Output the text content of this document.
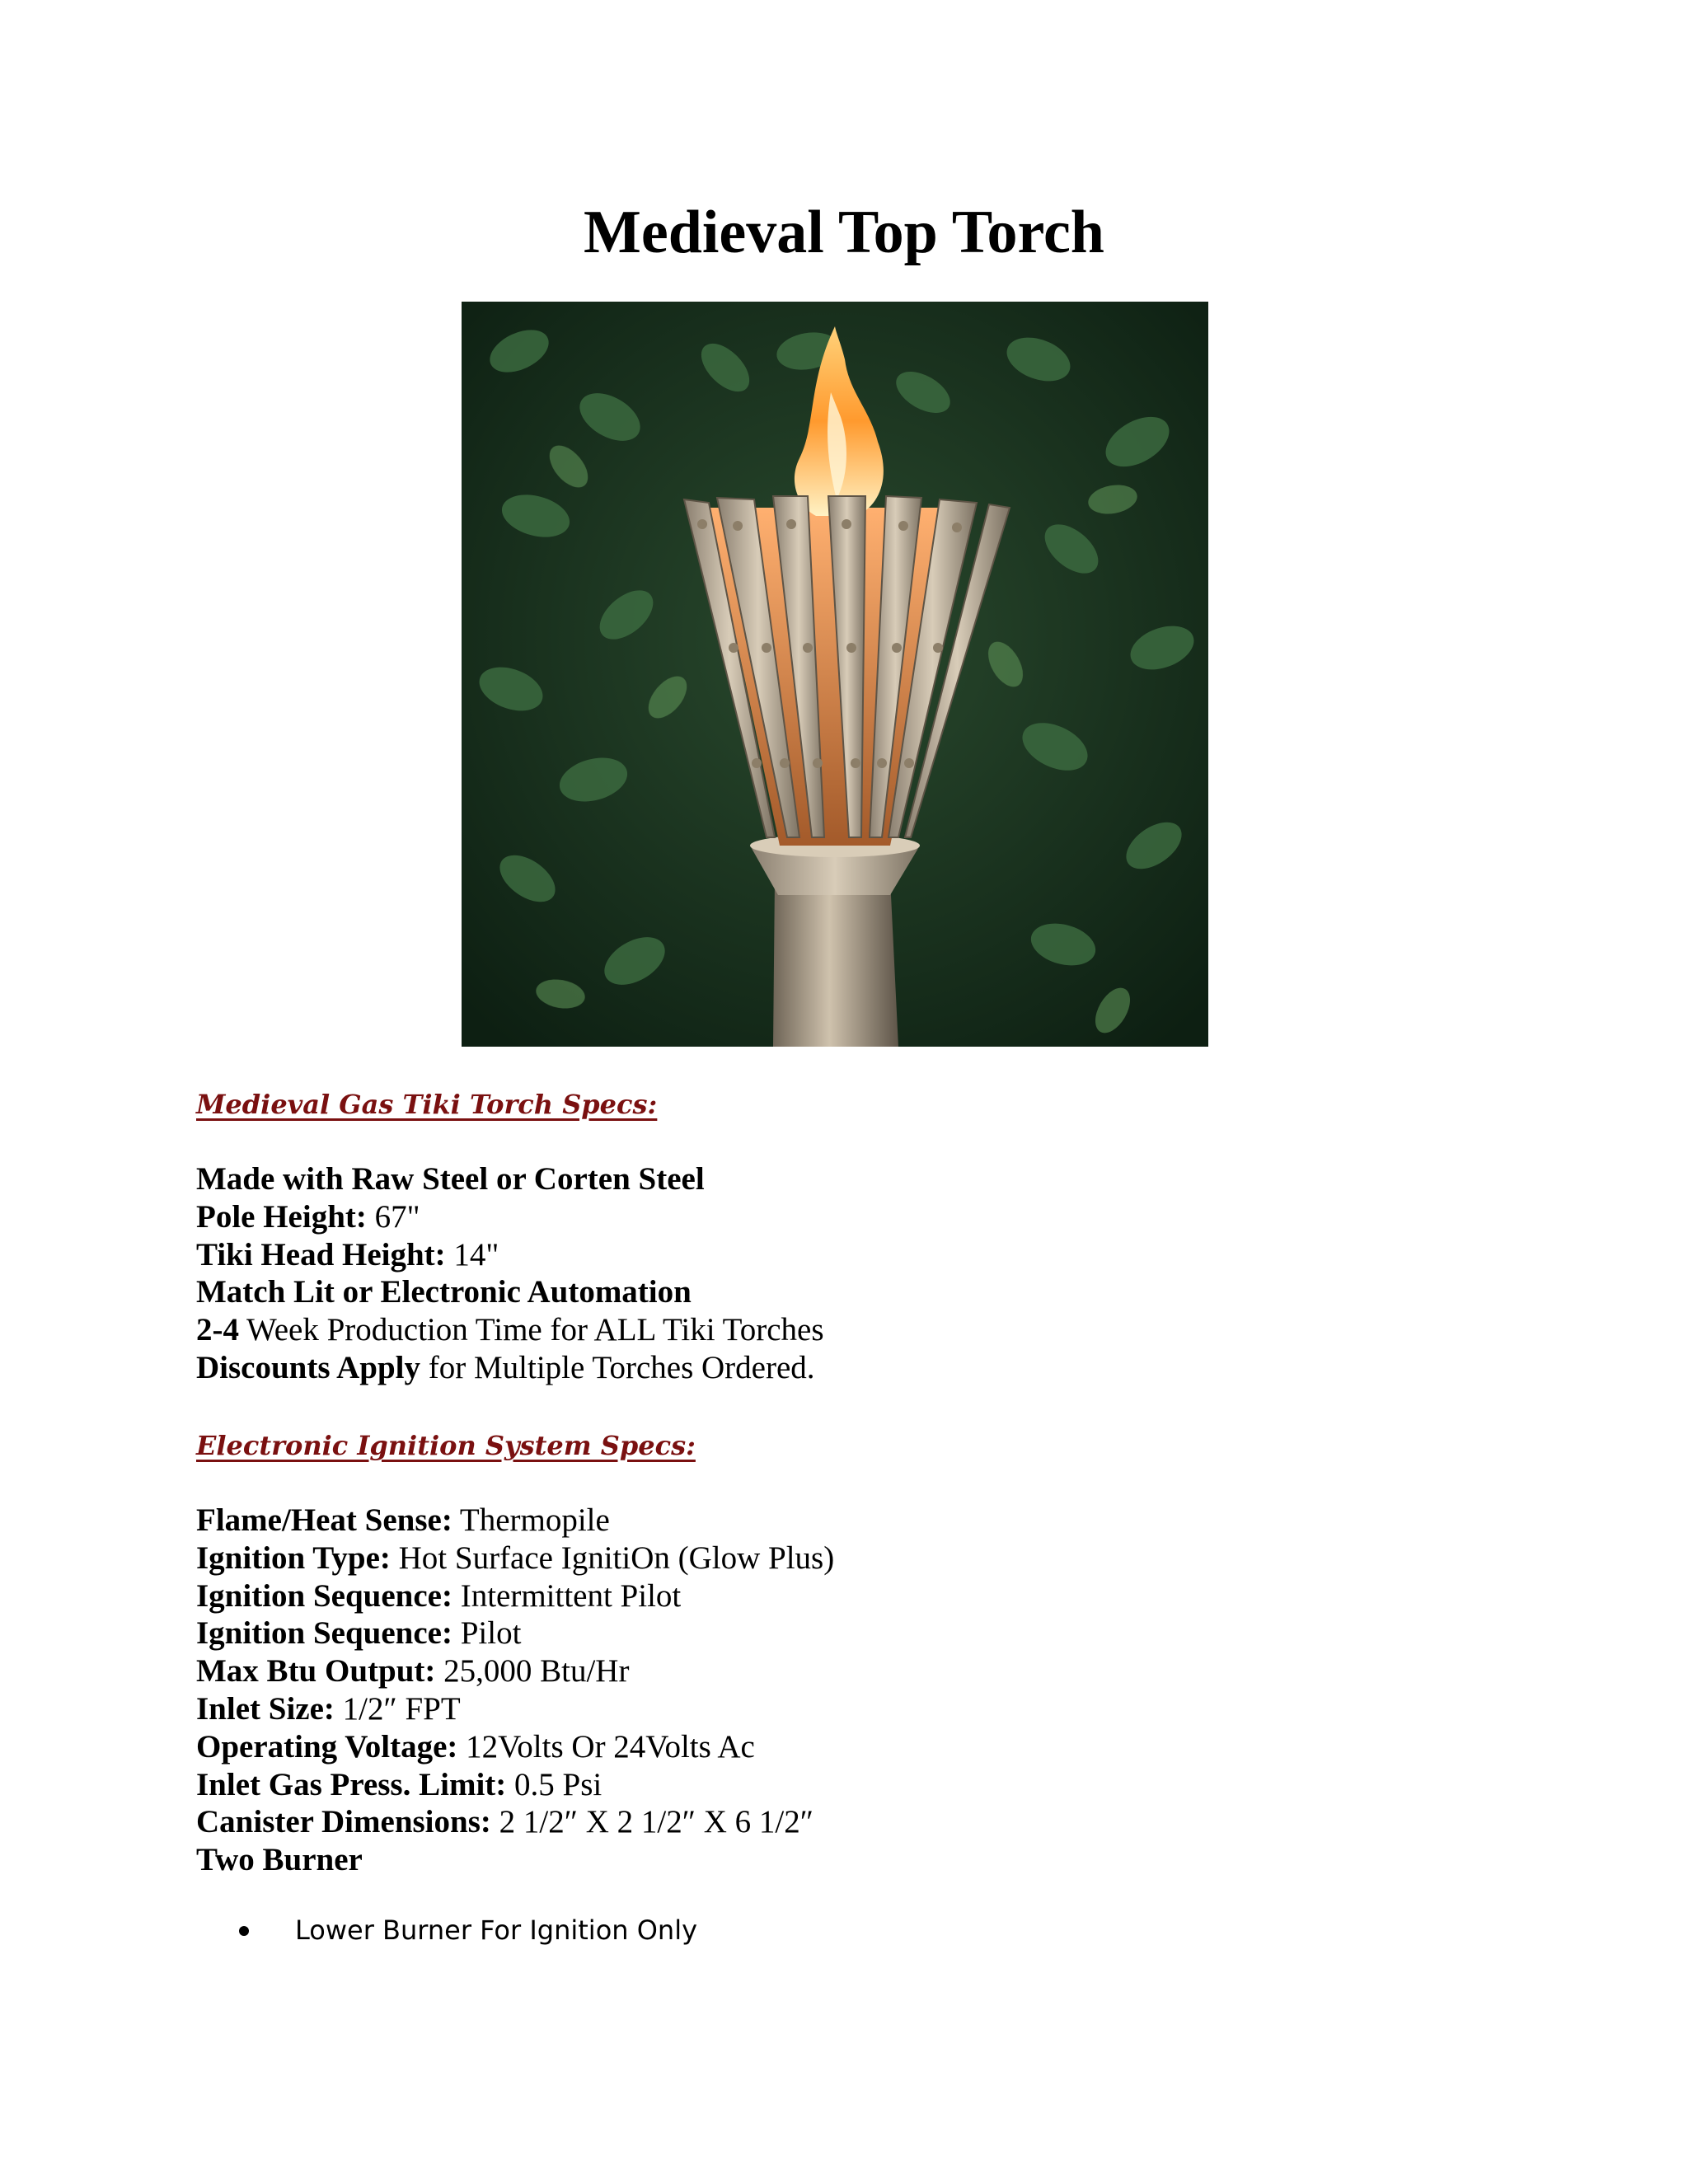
Medieval Top Torch
Medieval Gas Tiki Torch Specs:
Made with Raw Steel or Corten Steel
Pole Height: 67"
Tiki Head Height: 14"
Match Lit or Electronic Automation
2-4 Week Production Time for ALL Tiki Torches
Discounts Apply for Multiple Torches Ordered.
Electronic Ignition System Specs:
Flame/Heat Sense: Thermopile
Ignition Type: Hot Surface IgnitiOn (Glow Plus)
Ignition Sequence: Intermittent Pilot
Ignition Sequence: Pilot
Max Btu Output: 25,000 Btu/Hr
Inlet Size: 1/2″ FPT
Operating Voltage: 12Volts Or 24Volts Ac
Inlet Gas Press. Limit: 0.5 Psi
Canister Dimensions: 2 1/2″ X 2 1/2″ X 6 1/2″
Two Burner
Lower Burner For Ignition Only
